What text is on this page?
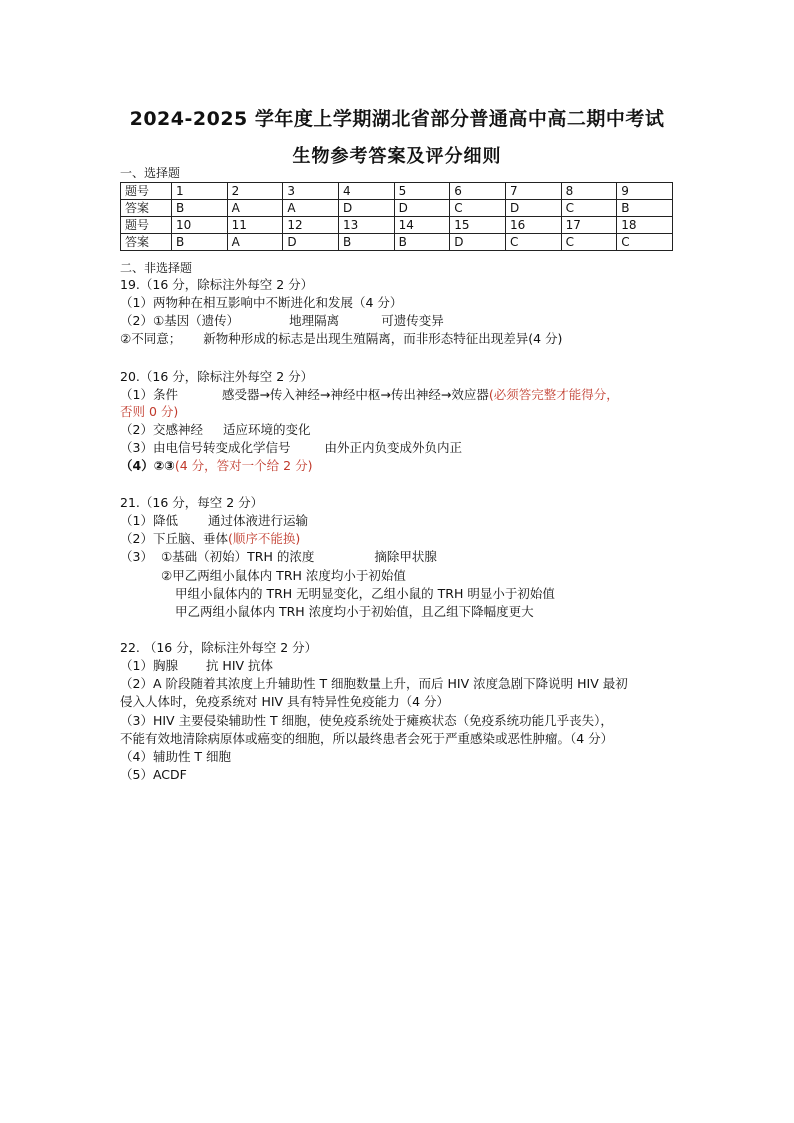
2024-2025 学年度上学期湖北省部分普通高中高二期中考试
生物参考答案及评分细则
一、选择题
题号	1	2	3	4	5	6	7	8	9
答案	B	A	A	D	D	C	D	C	B
题号	10	11	12	13	14	15	16	17	18
答案	B	A	D	B	B	D	C	C	C
二、非选择题
19.（16 分，除标注外每空 2 分）
（1）两物种在相互影响中不断进化和发展（4 分）
（2）①基因（遗传）	地理隔离	可遗传变异
②不同意； 新物种形成的标志是出现生殖隔离，而非形态特征出现差异(4 分)
20.（16 分，除标注外每空 2 分）
（1）条件	感受器→传入神经→神经中枢→传出神经→效应器(必须答完整才能得分，
否则 0 分)
（2）交感神经 适应环境的变化
（3）由电信号转变成化学信号	由外正内负变成外负内正
（4）②③(4 分，答对一个给 2 分)
21.（16 分，每空 2 分）
（1）降低 通过体液进行运输
（2）下丘脑、垂体(顺序不能换)
（3） ①基础（初始）TRH 的浓度	摘除甲状腺
②甲乙两组小鼠体内 TRH 浓度均小于初始值
甲组小鼠体内的 TRH 无明显变化，乙组小鼠的 TRH 明显小于初始值
甲乙两组小鼠体内 TRH 浓度均小于初始值，且乙组下降幅度更大
22. （16 分，除标注外每空 2 分）
（1）胸腺 抗 HIV 抗体
（2）A 阶段随着其浓度上升辅助性 T 细胞数量上升，而后 HIV 浓度急剧下降说明 HIV 最初
侵入人体时，免疫系统对 HIV 具有特异性免疫能力（4 分）
（3）HIV 主要侵染辅助性 T 细胞，使免疫系统处于瘫痪状态（免疫系统功能几乎丧失），
不能有效地清除病原体或癌变的细胞，所以最终患者会死于严重感染或恶性肿瘤。（4 分）
（4）辅助性 T 细胞
（5）ACDF
